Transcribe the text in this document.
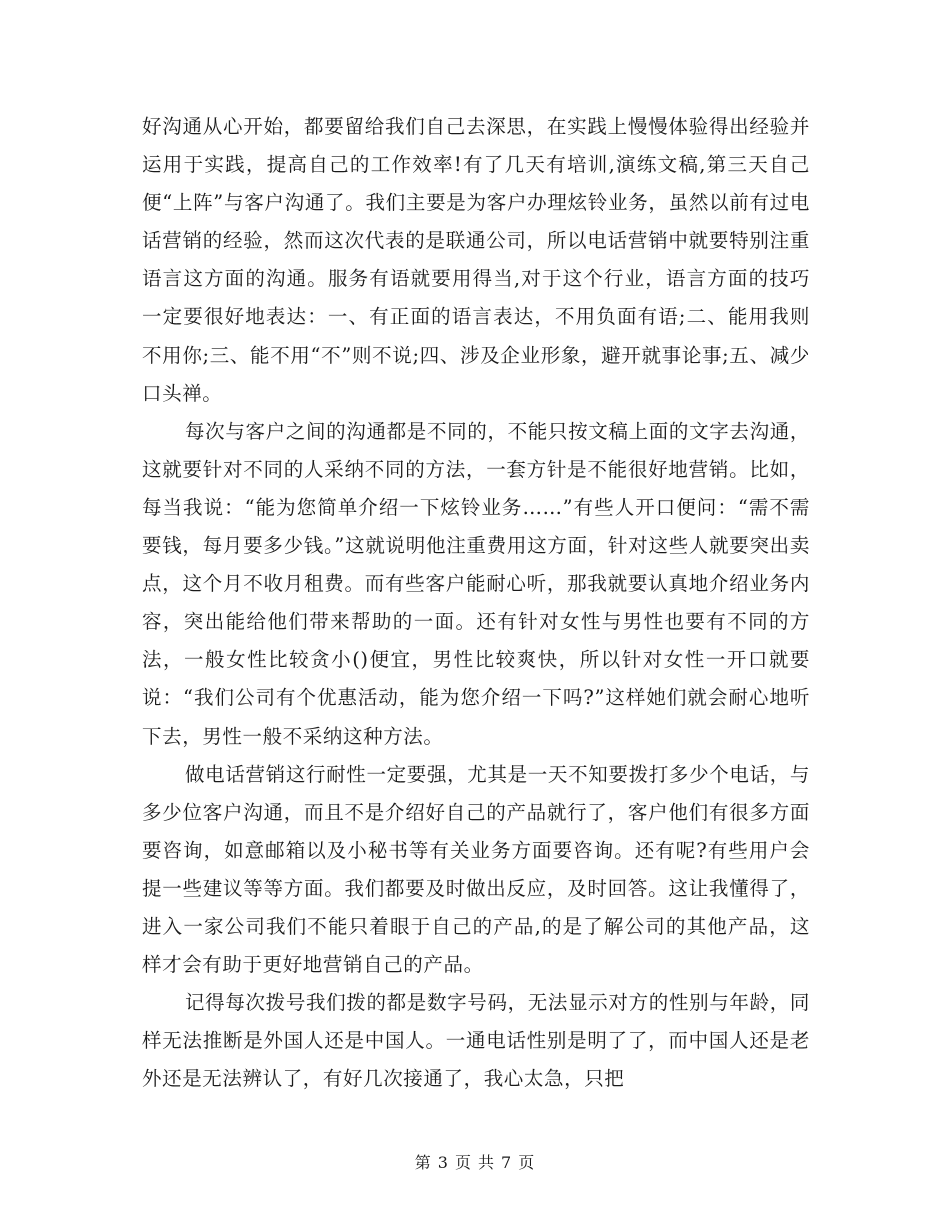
好沟通从心开始，都要留给我们自己去深思，在实践上慢慢体验得出经验并运用于实践，提高自己的工作效率!有了几天有培训,演练文稿,第三天自己便“上阵”与客户沟通了。我们主要是为客户办理炫铃业务，虽然以前有过电话营销的经验，然而这次代表的是联通公司，所以电话营销中就要特别注重语言这方面的沟通。服务有语就要用得当,对于这个行业，语言方面的技巧一定要很好地表达：一、有正面的语言表达，不用负面有语;二、能用我则不用你;三、能不用“不”则不说;四、涉及企业形象，避开就事论事;五、减少口头禅。

每次与客户之间的沟通都是不同的，不能只按文稿上面的文字去沟通，这就要针对不同的人采纳不同的方法，一套方针是不能很好地营销。比如，每当我说：“能为您简单介绍一下炫铃业务……”有些人开口便问：“需不需要钱，每月要多少钱。”这就说明他注重费用这方面，针对这些人就要突出卖点，这个月不收月租费。而有些客户能耐心听，那我就要认真地介绍业务内容，突出能给他们带来帮助的一面。还有针对女性与男性也要有不同的方法，一般女性比较贪小()便宜，男性比较爽快，所以针对女性一开口就要说：“我们公司有个优惠活动，能为您介绍一下吗?”这样她们就会耐心地听下去，男性一般不采纳这种方法。

做电话营销这行耐性一定要强，尤其是一天不知要拨打多少个电话，与多少位客户沟通，而且不是介绍好自己的产品就行了，客户他们有很多方面要咨询，如意邮箱以及小秘书等有关业务方面要咨询。还有呢?有些用户会提一些建议等等方面。我们都要及时做出反应，及时回答。这让我懂得了，进入一家公司我们不能只着眼于自己的产品,的是了解公司的其他产品，这样才会有助于更好地营销自己的产品。

记得每次拨号我们拨的都是数字号码，无法显示对方的性别与年龄，同样无法推断是外国人还是中国人。一通电话性别是明了了，而中国人还是老外还是无法辨认了，有好几次接通了，我心太急，只把

第 3 页 共 7 页
